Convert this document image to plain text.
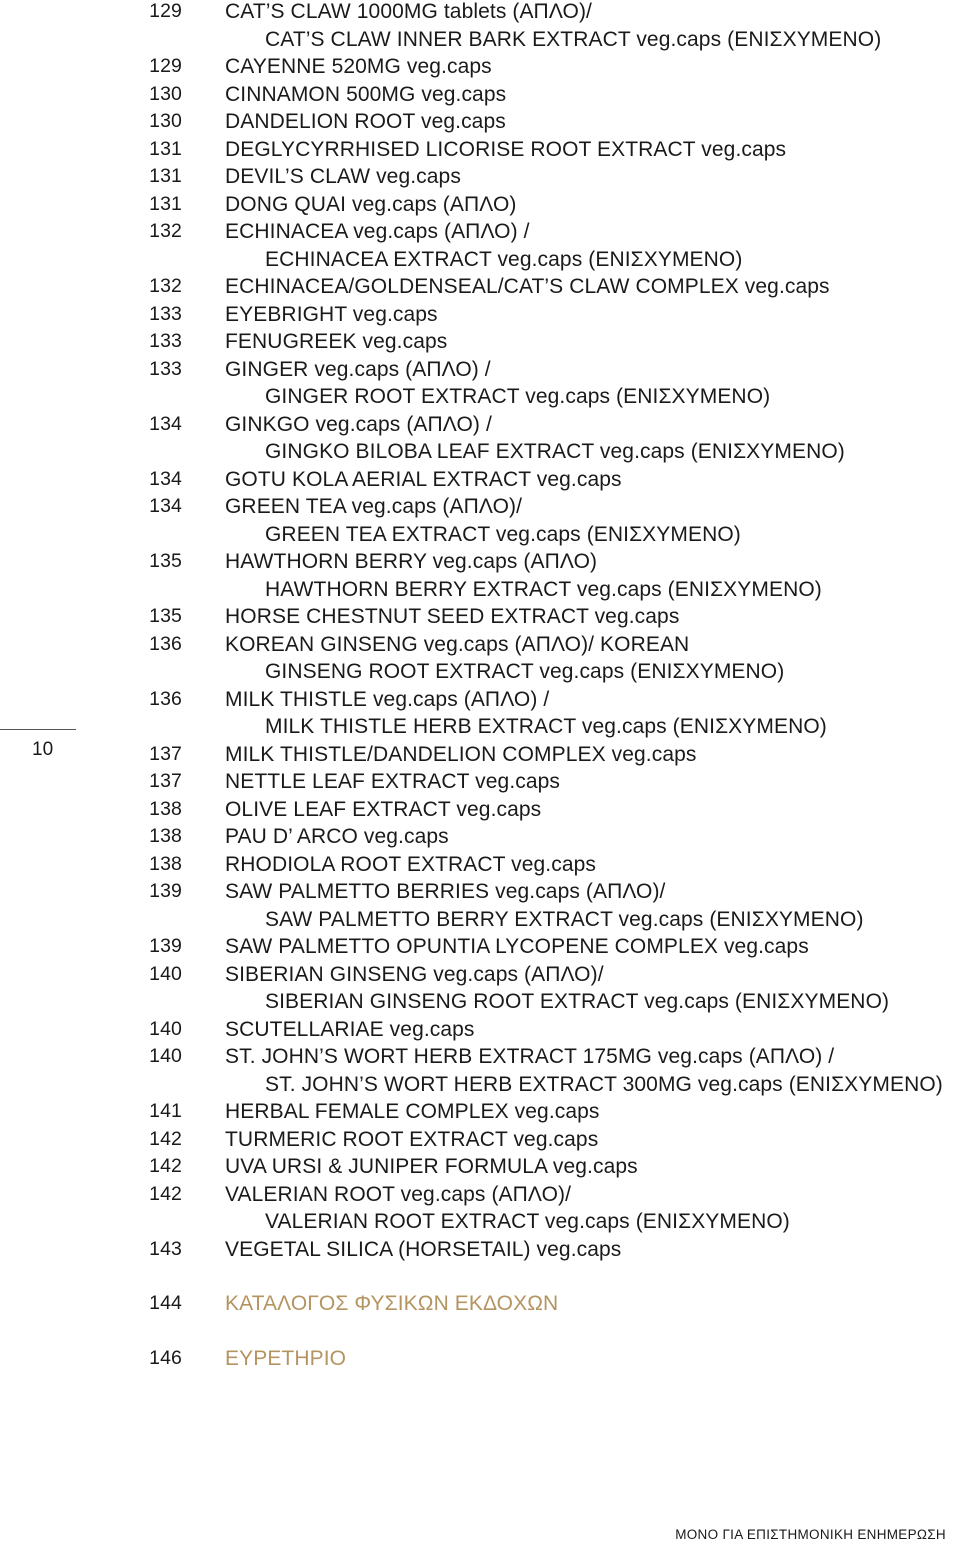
129 CAT’S CLAW 1000MG tablets (ΑΠΛΟ)/
CAT’S CLAW INNER BARK EXTRACT veg.caps (ΕΝΙΣΧΥΜΕΝΟ)
129 CAYENNE 520MG veg.caps
130 CINNAMON 500MG veg.caps
130 DANDELION ROOT veg.caps
131 DEGLYCYRRHISED LICORISE ROOT EXTRACT veg.caps
131 DEVIL’S CLAW veg.caps
131 DONG QUAI veg.caps (ΑΠΛΟ)
132 ECHINACEA veg.caps (ΑΠΛΟ) /
ECHINACEA EXTRACT veg.caps (ΕΝΙΣΧΥΜΕΝΟ)
132 ECHINACEA/GOLDENSEAL/CAT’S CLAW COMPLEX veg.caps
133 EYEBRIGHT veg.caps
133 FENUGREEK veg.caps
133 GINGER veg.caps (ΑΠΛΟ) /
GINGER ROOT EXTRACT veg.caps (ΕΝΙΣΧΥΜΕΝΟ)
134 GINKGO veg.caps (ΑΠΛΟ) /
GINGKO BILOBA LEAF EXTRACT veg.caps (ΕΝΙΣΧΥΜΕΝΟ)
134 GOTU KOLA AERIAL EXTRACT veg.caps
134 GREEN TEA veg.caps (ΑΠΛΟ)/
GREEN TEA EXTRACT veg.caps (ΕΝΙΣΧΥΜΕΝΟ)
135 HAWTHORN BERRY veg.caps (ΑΠΛΟ)
HAWTHORN BERRY EXTRACT veg.caps (ΕΝΙΣΧΥΜΕΝΟ)
135 HORSE CHESTNUT SEED EXTRACT veg.caps
136 KOREAN GINSENG veg.caps (ΑΠΛΟ)/ KOREAN
GINSENG ROOT EXTRACT veg.caps (ΕΝΙΣΧΥΜΕΝΟ)
136 MILK THISTLE veg.caps (ΑΠΛΟ) /
MILK THISTLE HERB EXTRACT veg.caps (ΕΝΙΣΧΥΜΕΝΟ)
137 MILK THISTLE/DANDELION COMPLEX veg.caps
137 NETTLE LEAF EXTRACT veg.caps
138 OLIVE LEAF EXTRACT veg.caps
138 PAU D’ ARCO veg.caps
138 RHODIOLA ROOT EXTRACT veg.caps
139 SAW PALMETTO BERRIES veg.caps (ΑΠΛΟ)/
SAW PALMETTO BERRY EXTRACT veg.caps (ΕΝΙΣΧΥΜΕΝΟ)
139 SAW PALMETTO OPUNTIA LYCOPENE COMPLEX veg.caps
140 SIBERIAN GINSENG veg.caps (ΑΠΛΟ)/
SIBERIAN GINSENG ROOT EXTRACT veg.caps (ΕΝΙΣΧΥΜΕΝΟ)
140 SCUTELLARIAE veg.caps
140 ST. JOHN’S WORT HERB EXTRACT 175MG veg.caps (ΑΠΛΟ) /
ST. JOHN’S WORT HERB EXTRACT 300MG veg.caps (ΕΝΙΣΧΥΜΕΝΟ)
141 HERBAL FEMALE COMPLEX veg.caps
142 TURMERIC ROOT EXTRACT veg.caps
142 UVA URSI & JUNIPER FORMULA veg.caps
142 VALERIAN ROOT veg.caps (ΑΠΛΟ)/
VALERIAN ROOT EXTRACT veg.caps (ΕΝΙΣΧΥΜΕΝΟ)
143 VEGETAL SILICA (HORSETAIL) veg.caps
144 ΚΑΤΑΛΟΓΟΣ ΦΥΣΙΚΩΝ ΕΚΔΟΧΩΝ
146 ΕΥΡΕΤΗΡΙΟ
10
ΜΟΝΟ ΓΙΑ ΕΠΙΣΤΗΜΟΝΙΚΗ ΕΝΗΜΕΡΩΣΗ
